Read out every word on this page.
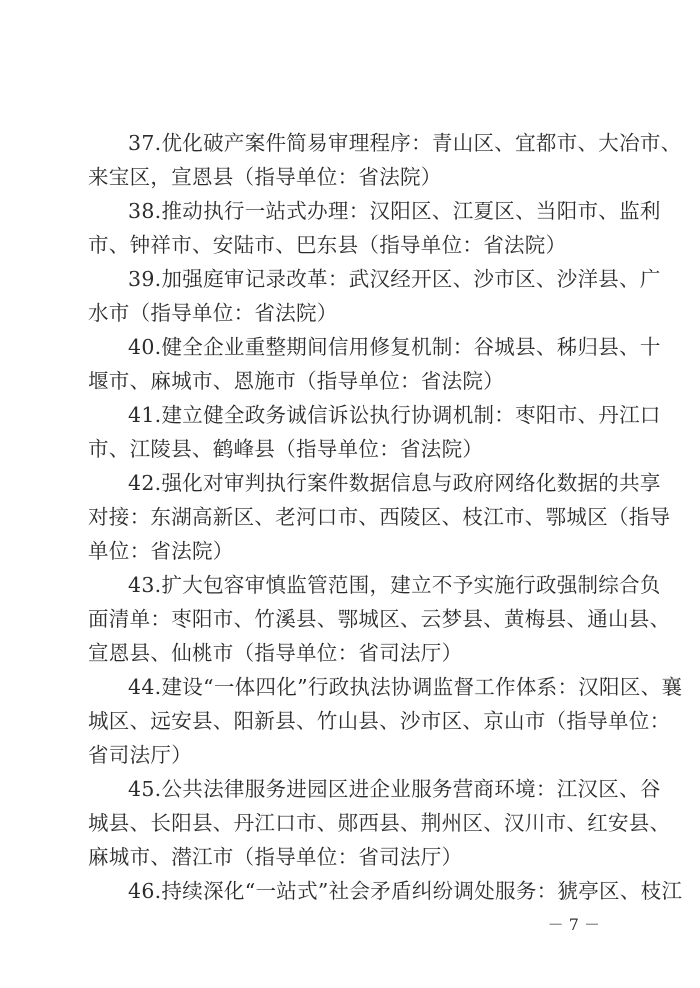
37.优化破产案件简易审理程序：青山区、宜都市、大冶市、
来宝区，宣恩县（指导单位：省法院）
38.推动执行一站式办理：汉阳区、江夏区、当阳市、监利
市、钟祥市、安陆市、巴东县（指导单位：省法院）
39.加强庭审记录改革：武汉经开区、沙市区、沙洋县、广
水市（指导单位：省法院）
40.健全企业重整期间信用修复机制：谷城县、秭归县、十
堰市、麻城市、恩施市（指导单位：省法院）
41.建立健全政务诚信诉讼执行协调机制：枣阳市、丹江口
市、江陵县、鹤峰县（指导单位：省法院）
42.强化对审判执行案件数据信息与政府网络化数据的共享
对接：东湖高新区、老河口市、西陵区、枝江市、鄂城区（指导
单位：省法院）
43.扩大包容审慎监管范围，建立不予实施行政强制综合负
面清单：枣阳市、竹溪县、鄂城区、云梦县、黄梅县、通山县、
宣恩县、仙桃市（指导单位：省司法厅）
44.建设“一体四化”行政执法协调监督工作体系：汉阳区、襄
城区、远安县、阳新县、竹山县、沙市区、京山市（指导单位：
省司法厅）
45.公共法律服务进园区进企业服务营商环境：江汉区、谷
城县、长阳县、丹江口市、郧西县、荆州区、汉川市、红安县、
麻城市、潜江市（指导单位：省司法厅）
46.持续深化“一站式”社会矛盾纠纷调处服务：猇亭区、枝江
－ 7 －
